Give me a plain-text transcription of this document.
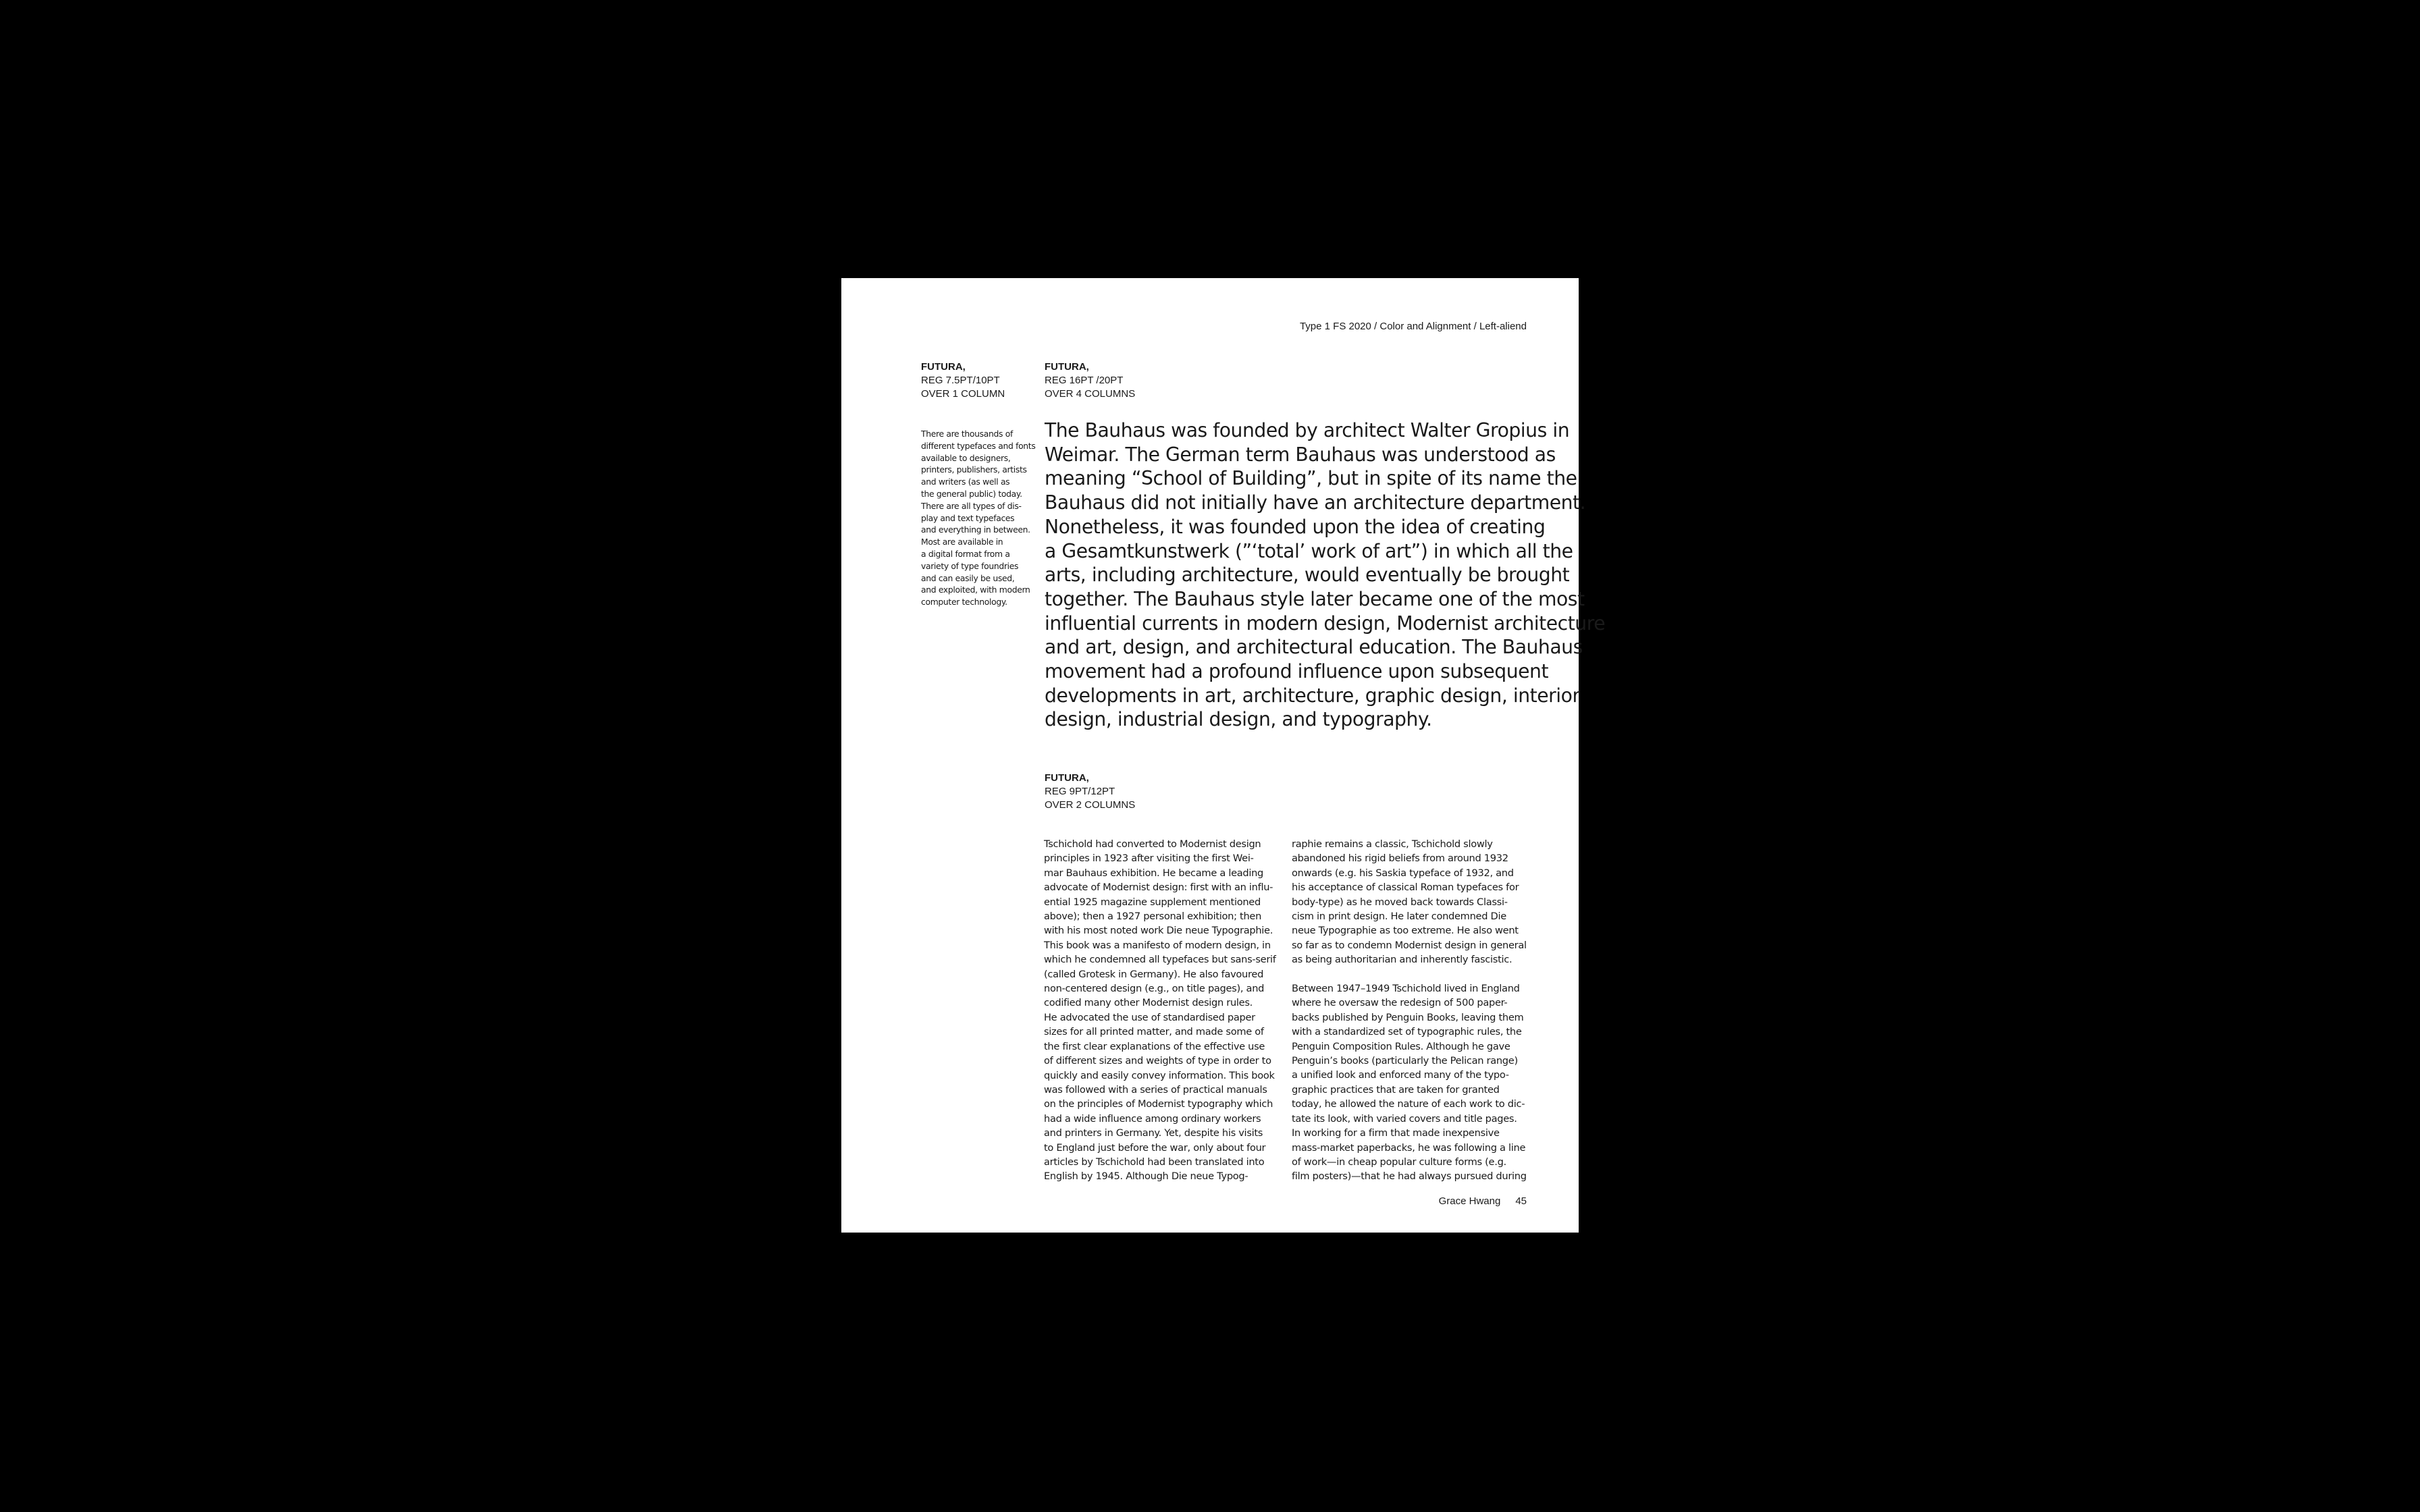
Type 1 FS 2020 / Color and Alignment / Left-aliend
FUTURA,
REG 7.5PT/10PT
OVER 1 COLUMN
FUTURA,
REG 16PT /20PT
OVER 4 COLUMNS
There are thousands of
different typefaces and fonts
available to designers,
printers, publishers, artists
and writers (as well as
the general public) today.
There are all types of dis-
play and text typefaces
and everything in between.
Most are available in
a digital format from a
variety of type foundries
and can easily be used,
and exploited, with modern
computer technology.
The Bauhaus was founded by architect Walter Gropius in
Weimar. The German term Bauhaus was understood as
meaning “School of Building”, but in spite of its name the
Bauhaus did not initially have an architecture department.
Nonetheless, it was founded upon the idea of creating
a Gesamtkunstwerk (”‘total’ work of art”) in which all the
arts, including architecture, would eventually be brought
together. The Bauhaus style later became one of the most
influential currents in modern design, Modernist architecture
and art, design, and architectural education. The Bauhaus
movement had a profound influence upon subsequent
developments in art, architecture, graphic design, interior
design, industrial design, and typography.
FUTURA,
REG 9PT/12PT
OVER 2 COLUMNS
Tschichold had converted to Modernist design
principles in 1923 after visiting the first Wei-
mar Bauhaus exhibition. He became a leading
advocate of Modernist design: first with an influ-
ential 1925 magazine supplement mentioned
above); then a 1927 personal exhibition; then
with his most noted work Die neue Typographie.
This book was a manifesto of modern design, in
which he condemned all typefaces but sans-serif
(called Grotesk in Germany). He also favoured
non-centered design (e.g., on title pages), and
codified many other Modernist design rules.
He advocated the use of standardised paper
sizes for all printed matter, and made some of
the first clear explanations of the effective use
of different sizes and weights of type in order to
quickly and easily convey information. This book
was followed with a series of practical manuals
on the principles of Modernist typography which
had a wide influence among ordinary workers
and printers in Germany. Yet, despite his visits
to England just before the war, only about four
articles by Tschichold had been translated into
English by 1945. Although Die neue Typog-
raphie remains a classic, Tschichold slowly
abandoned his rigid beliefs from around 1932
onwards (e.g. his Saskia typeface of 1932, and
his acceptance of classical Roman typefaces for
body-type) as he moved back towards Classi-
cism in print design. He later condemned Die
neue Typographie as too extreme. He also went
so far as to condemn Modernist design in general
as being authoritarian and inherently fascistic.
Between 1947–1949 Tschichold lived in England
where he oversaw the redesign of 500 paper-
backs published by Penguin Books, leaving them
with a standardized set of typographic rules, the
Penguin Composition Rules. Although he gave
Penguin’s books (particularly the Pelican range)
a unified look and enforced many of the typo-
graphic practices that are taken for granted
today, he allowed the nature of each work to dic-
tate its look, with varied covers and title pages.
In working for a firm that made inexpensive
mass-market paperbacks, he was following a line
of work—in cheap popular culture forms (e.g.
film posters)—that he had always pursued during
Grace Hwang 45
